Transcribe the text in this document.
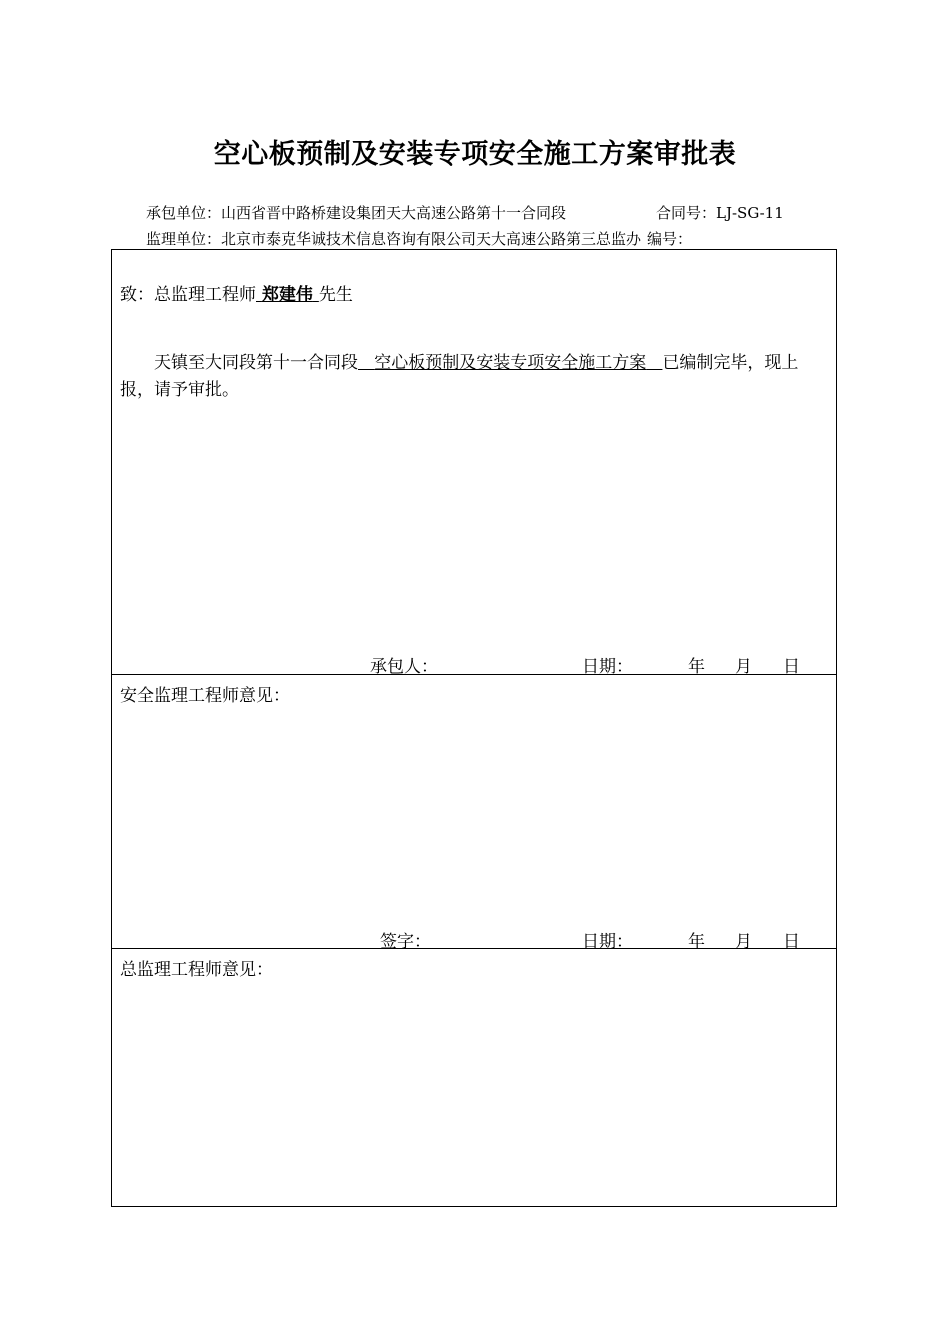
空心板预制及安装专项安全施工方案审批表
承包单位：山西省晋中路桥建设集团天大高速公路第十一合同段	合同号：LJ-SG-11
监理单位：北京市泰克华诚技术信息咨询有限公司天大高速公路第三总监办 编号：
致：总监理工程师 郑建伟 先生
天镇至大同段第十一合同段 空心板预制及安装专项安全施工方案 已编制完毕，现上报，请予审批。
承包人：	日期：	年 月 日
安全监理工程师意见：
签字：	日期：	年 月 日
总监理工程师意见：
